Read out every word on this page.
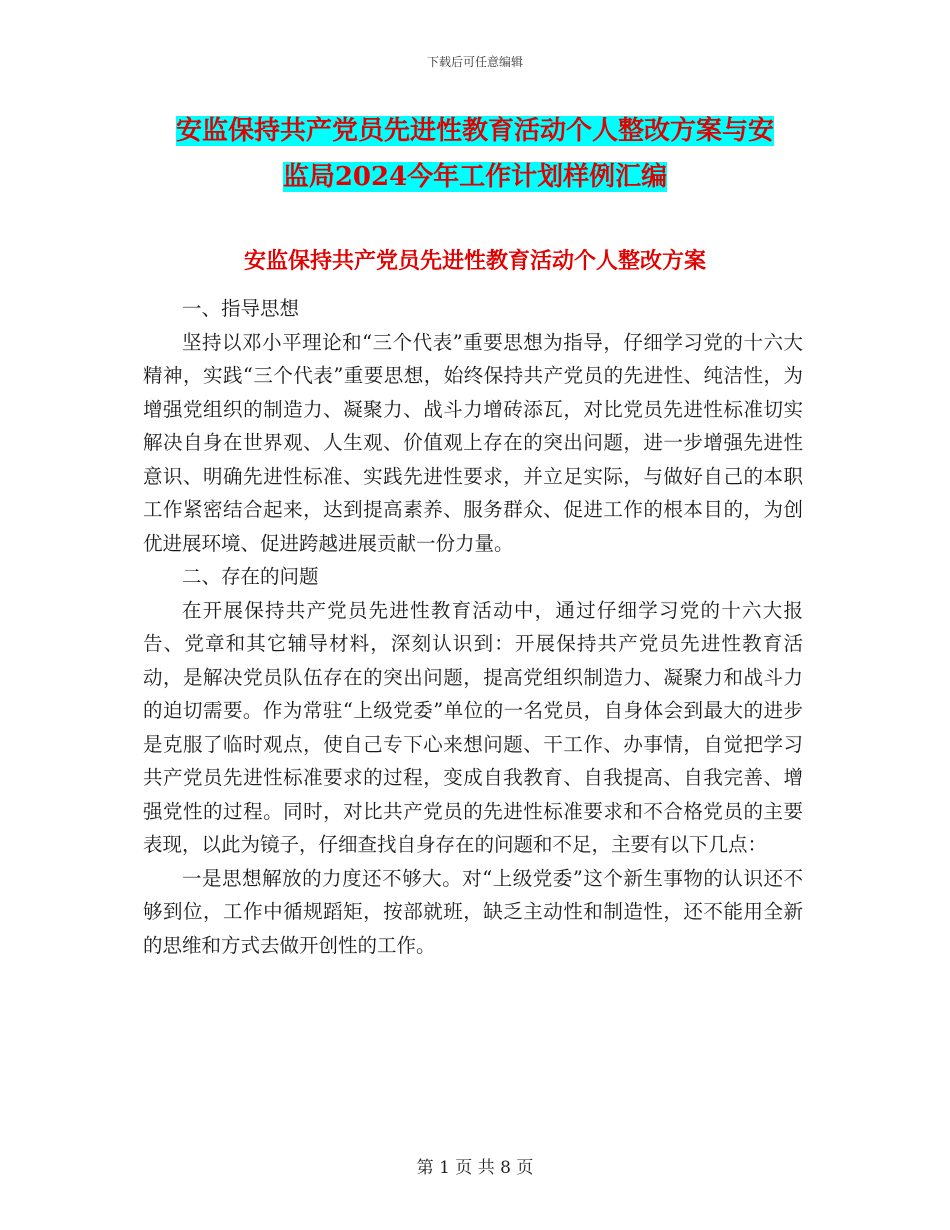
下载后可任意编辑
安监保持共产党员先进性教育活动个人整改方案与安
监局2024今年工作计划样例汇编
安监保持共产党员先进性教育活动个人整改方案

一、指导思想

坚持以邓小平理论和“三个代表”重要思想为指导，仔细学习党的十六大精神，实践“三个代表”重要思想，始终保持共产党员的先进性、纯洁性，为增强党组织的制造力、凝聚力、战斗力增砖添瓦，对比党员先进性标准切实解决自身在世界观、人生观、价值观上存在的突出问题，进一步增强先进性意识、明确先进性标准、实践先进性要求，并立足实际，与做好自己的本职工作紧密结合起来，达到提高素养、服务群众、促进工作的根本目的，为创优进展环境、促进跨越进展贡献一份力量。

二、存在的问题

在开展保持共产党员先进性教育活动中，通过仔细学习党的十六大报告、党章和其它辅导材料，深刻认识到：开展保持共产党员先进性教育活动，是解决党员队伍存在的突出问题，提高党组织制造力、凝聚力和战斗力的迫切需要。作为常驻“上级党委”单位的一名党员，自身体会到最大的进步是克服了临时观点，使自己专下心来想问题、干工作、办事情，自觉把学习共产党员先进性标准要求的过程，变成自我教育、自我提高、自我完善、增强党性的过程。同时，对比共产党员的先进性标准要求和不合格党员的主要表现，以此为镜子，仔细查找自身存在的问题和不足，主要有以下几点：

一是思想解放的力度还不够大。对“上级党委”这个新生事物的认识还不够到位，工作中循规蹈矩，按部就班，缺乏主动性和制造性，还不能用全新的思维和方式去做开创性的工作。

第 1 页 共 8 页
